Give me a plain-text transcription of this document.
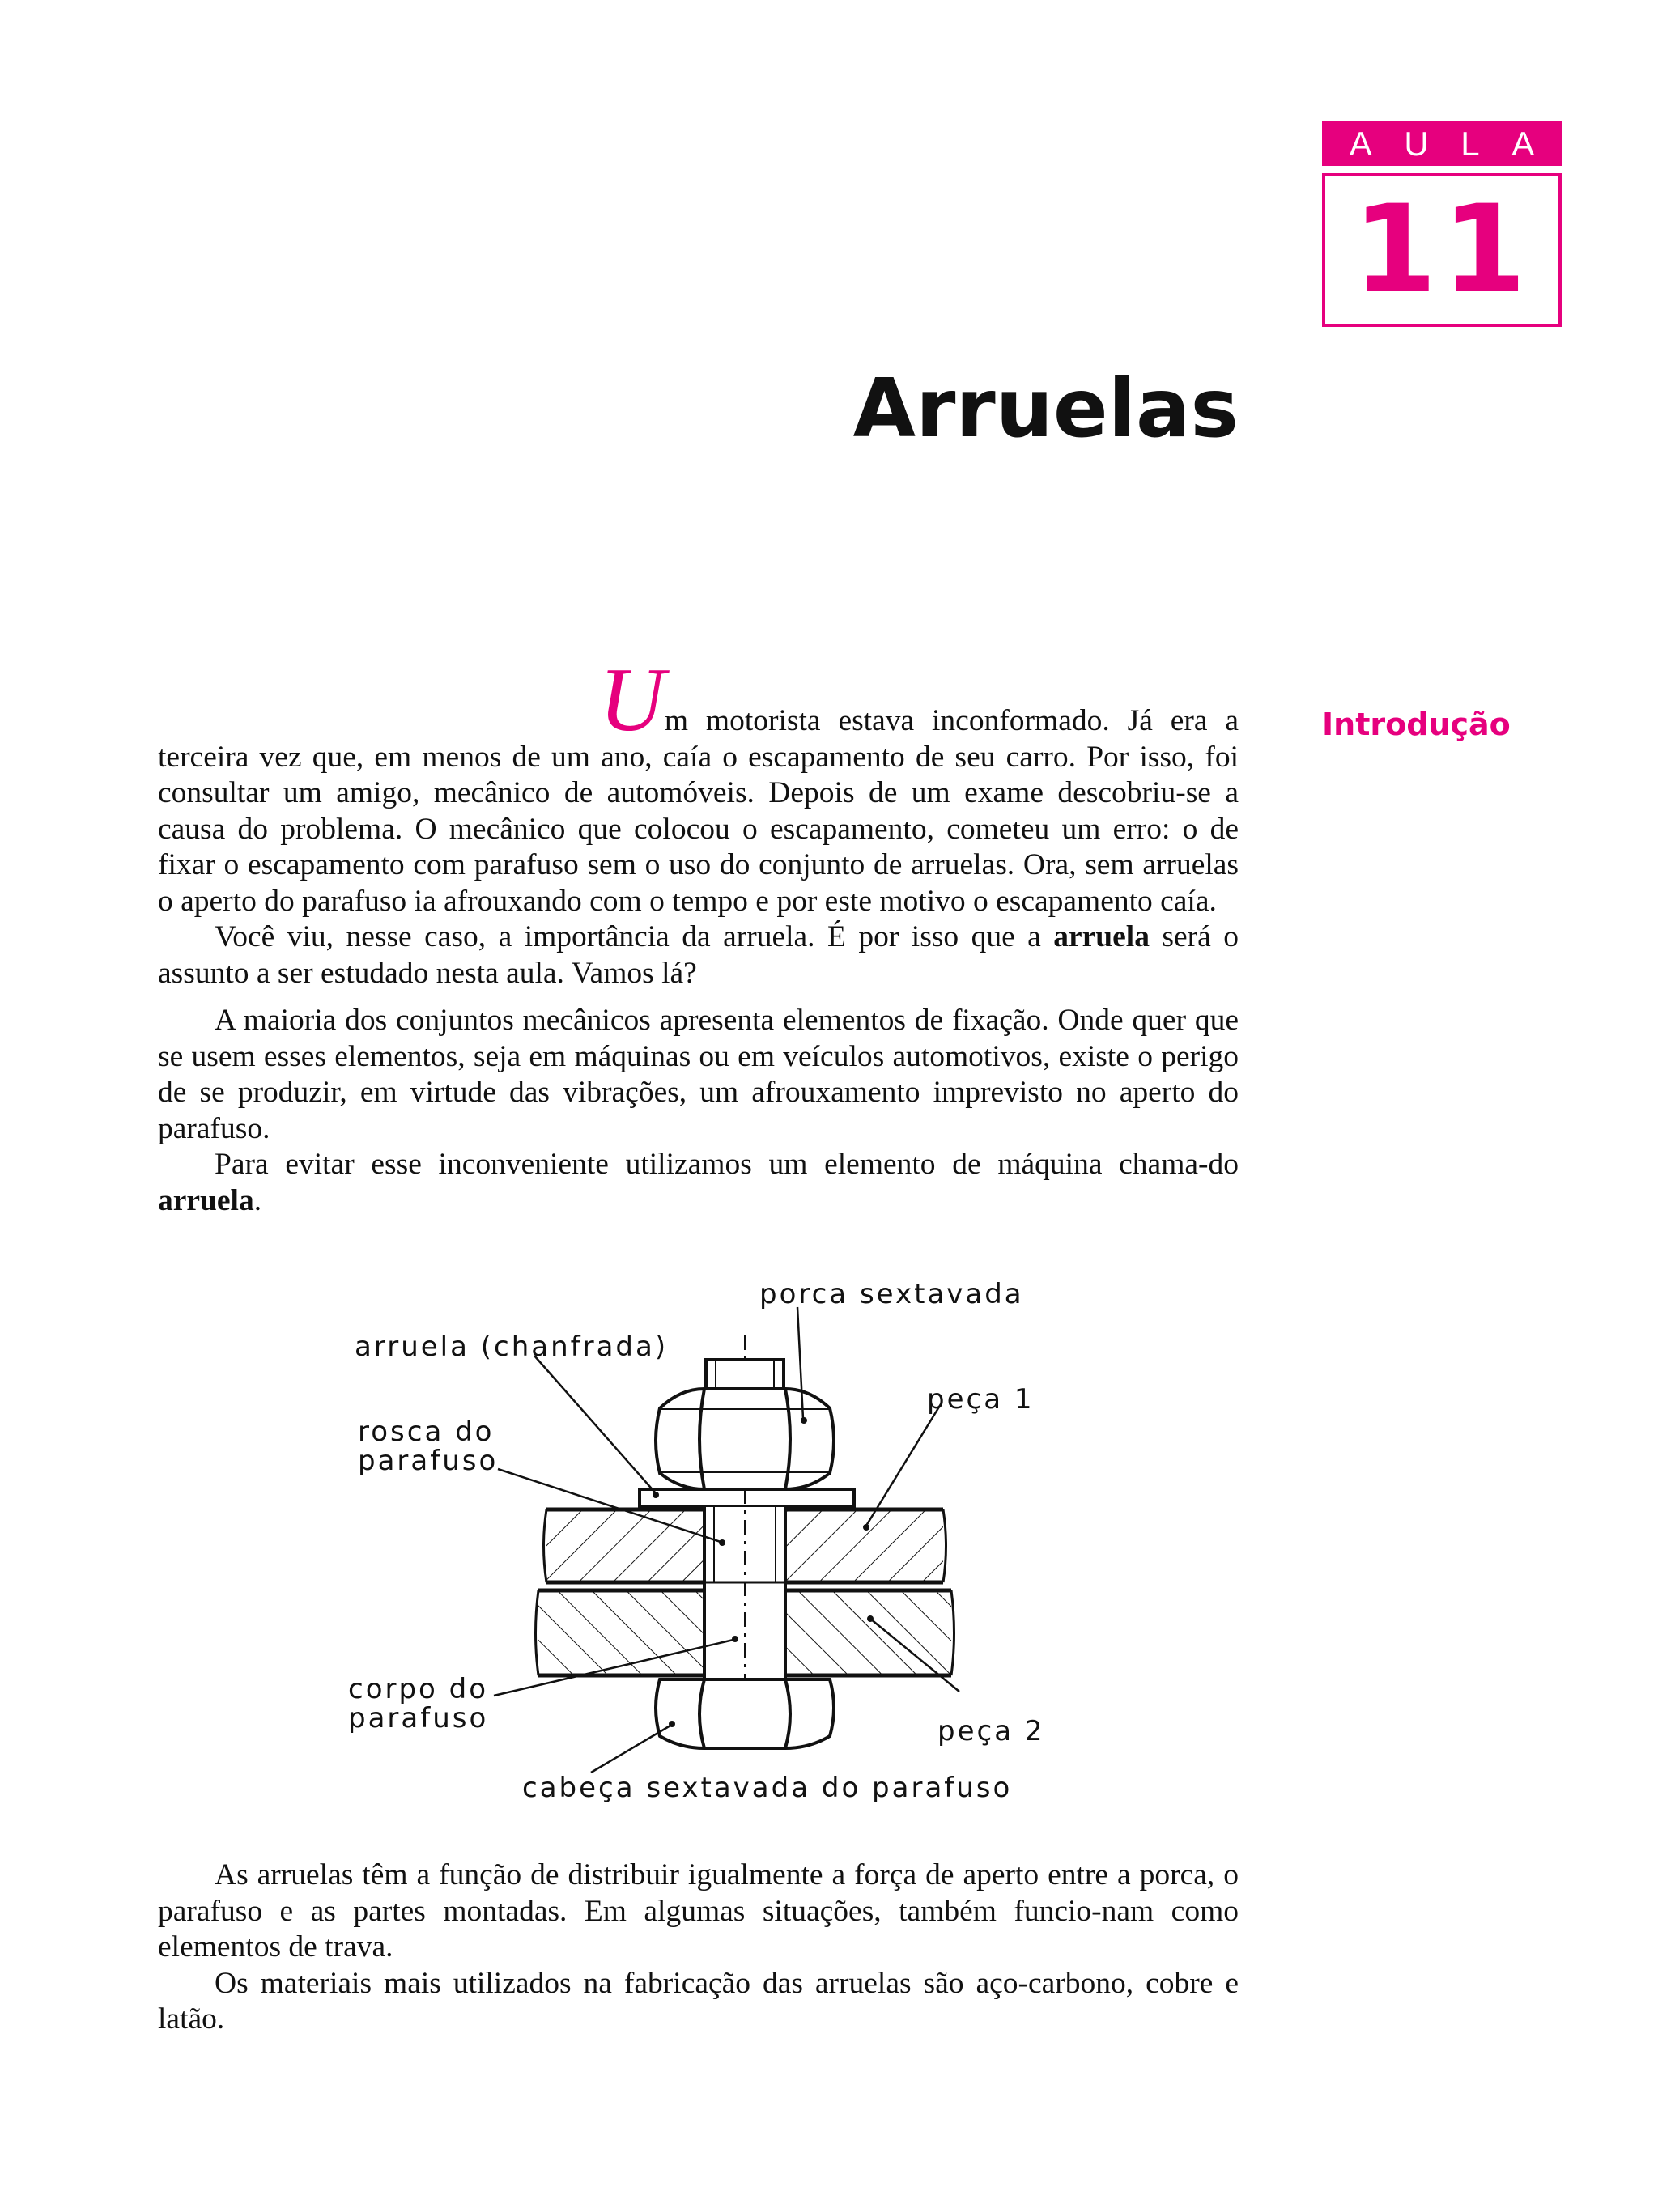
A U L A
11
Arruelas
Introdução

Um motorista estava inconformado. Já era a terceira vez que, em menos de um ano, caía o escapamento de seu carro. Por isso, foi consultar um amigo, mecânico de automóveis. Depois de um exame descobriu-se a causa do problema. O mecânico que colocou o escapamento, cometeu um erro: o de fixar o escapamento com parafuso sem o uso do conjunto de arruelas. Ora, sem arruelas o aperto do parafuso ia afrouxando com o tempo e por este motivo o escapamento caía.

Você viu, nesse caso, a importância da arruela. É por isso que a arruela será o assunto a ser estudado nesta aula. Vamos lá?

A maioria dos conjuntos mecânicos apresenta elementos de fixação. Onde quer que se usem esses elementos, seja em máquinas ou em veículos automotivos, existe o perigo de se produzir, em virtude das vibrações, um afrouxamento imprevisto no aperto do parafuso.

Para evitar esse inconveniente utilizamos um elemento de máquina chama-do arruela.

porca sextavada
arruela (chanfrada)
peça 1
rosca do
parafuso
corpo do
parafuso	peça 2
cabeça sextavada do parafuso

As arruelas têm a função de distribuir igualmente a força de aperto entre a porca, o parafuso e as partes montadas. Em algumas situações, também funcio-nam como elementos de trava.

Os materiais mais utilizados na fabricação das arruelas são aço-carbono, cobre e latão.
